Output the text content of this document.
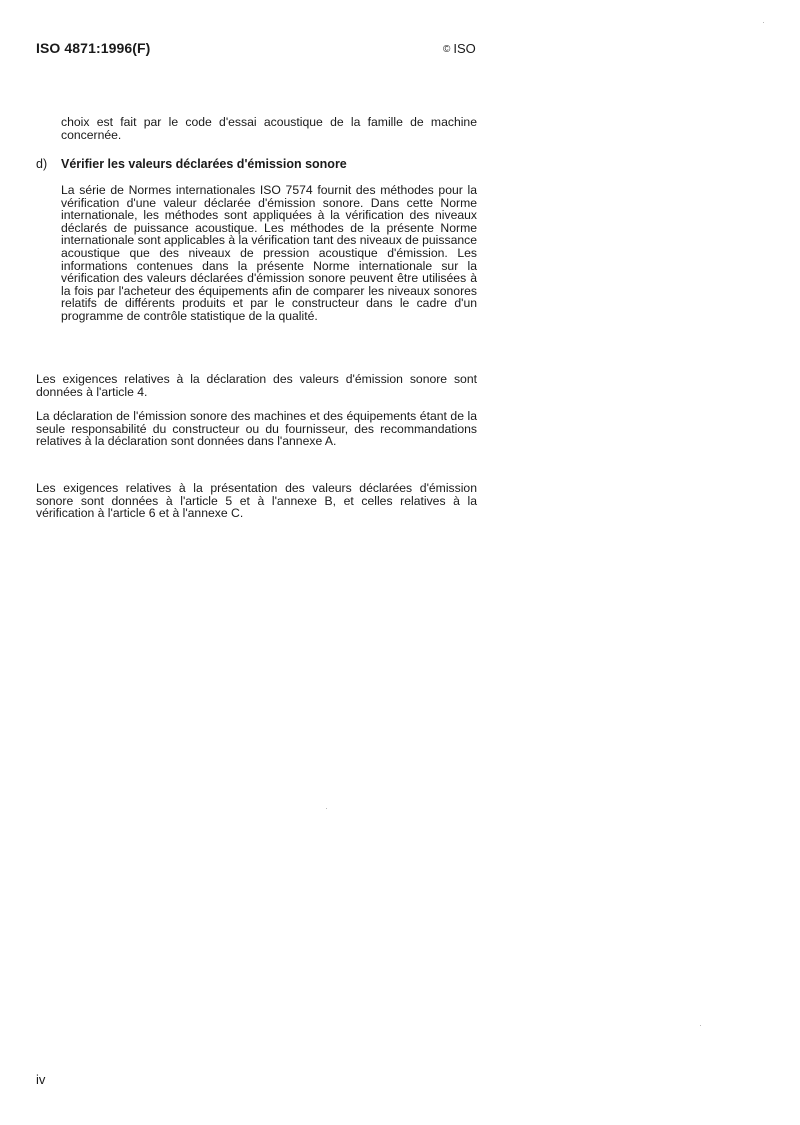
ISO 4871:1996(F)	© ISO

choix est fait par le code d'essai acoustique de la famille de machine concernée.

d) Vérifier les valeurs déclarées d'émission sonore

La série de Normes internationales ISO 7574 fournit des méthodes pour la vérification d'une valeur déclarée d'émission sonore. Dans cette Norme internationale, les méthodes sont appliquées à la vérification des niveaux déclarés de puissance acoustique. Les méthodes de la présente Norme internationale sont applicables à la vérification tant des niveaux de puissance acoustique que des niveaux de pression acoustique d'émission. Les informations contenues dans la présente Norme internationale sur la vérification des valeurs déclarées d'émission sonore peuvent être utilisées à la fois par l'acheteur des équipements afin de comparer les niveaux sonores relatifs de différents produits et par le constructeur dans le cadre d'un programme de contrôle statistique de la qualité.

Les exigences relatives à la déclaration des valeurs d'émission sonore sont données à l'article 4.

La déclaration de l'émission sonore des machines et des équipements étant de la seule responsabilité du constructeur ou du fournisseur, des recommandations relatives à la déclaration sont données dans l'annexe A.

Les exigences relatives à la présentation des valeurs déclarées d'émission sonore sont données à l'article 5 et à l'annexe B, et celles relatives à la vérification à l'article 6 et à l'annexe C.

iv
